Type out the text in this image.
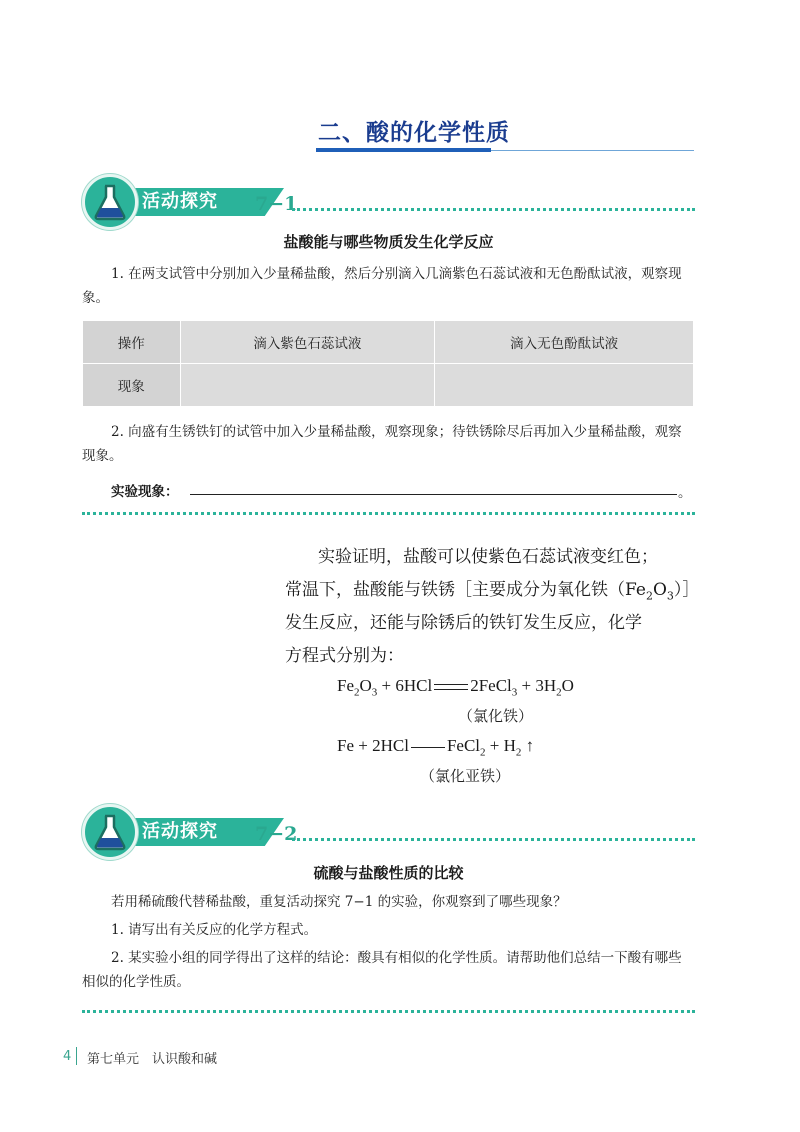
二、酸的化学性质
活动探究 7−1
盐酸能与哪些物质发生化学反应
1. 在两支试管中分别加入少量稀盐酸，然后分别滴入几滴紫色石蕊试液和无色酚酞试液，观察现象。
操作	滴入紫色石蕊试液	滴入无色酚酞试液
现象		
2. 向盛有生锈铁钉的试管中加入少量稀盐酸，观察现象；待铁锈除尽后再加入少量稀盐酸，观察现象。
实验现象：	。
实验证明，盐酸可以使紫色石蕊试液变红色；
常温下，盐酸能与铁锈［主要成分为氧化铁$(Fe_2O_3)]$
发生反应，还能与除锈后的铁钉发生反应，化学
方程式分别为：
$Fe_2O_3 + 6HCl$ 2FeCl$_3$ + $3H_2O$
（氯化铁）
Fe + 2HCl FeCl$_2$ + $H_2$ ↑
（氯化亚铁）
活动探究 7−2
硫酸与盐酸性质的比较
若用稀硫酸代替稀盐酸，重复活动探究 7−1 的实验，你观察到了哪些现象？
1. 请写出有关反应的化学方程式。
2. 某实验小组的同学得出了这样的结论：酸具有相似的化学性质。请帮助他们总结一下酸有哪些相似的化学性质。
4 第七单元　认识酸和碱
